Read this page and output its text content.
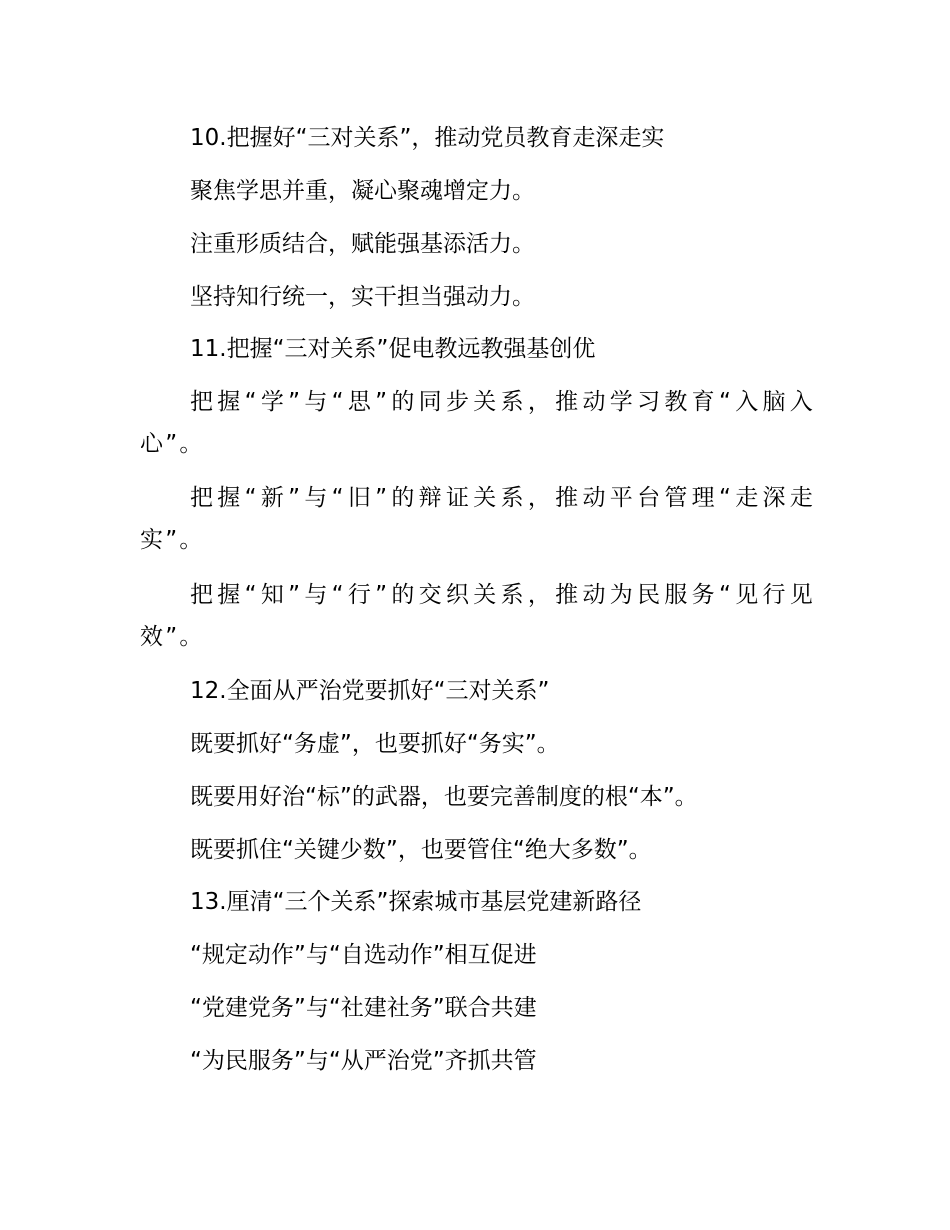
10.把握好“三对关系”，推动党员教育走深走实
聚焦学思并重，凝心聚魂增定力。
注重形质结合，赋能强基添活力。
坚持知行统一，实干担当强动力。
11.把握“三对关系”促电教远教强基创优
把握“学”与“思”的同步关系，推动学习教育“入脑入心”。
把握“新”与“旧”的辩证关系，推动平台管理“走深走实”。
把握“知”与“行”的交织关系，推动为民服务“见行见效”。
12.全面从严治党要抓好“三对关系”
既要抓好“务虚”，也要抓好“务实”。
既要用好治“标”的武器，也要完善制度的根“本”。
既要抓住“关键少数”，也要管住“绝大多数”。
13.厘清“三个关系”探索城市基层党建新路径
“规定动作”与“自选动作”相互促进
“党建党务”与“社建社务”联合共建
“为民服务”与“从严治党”齐抓共管
